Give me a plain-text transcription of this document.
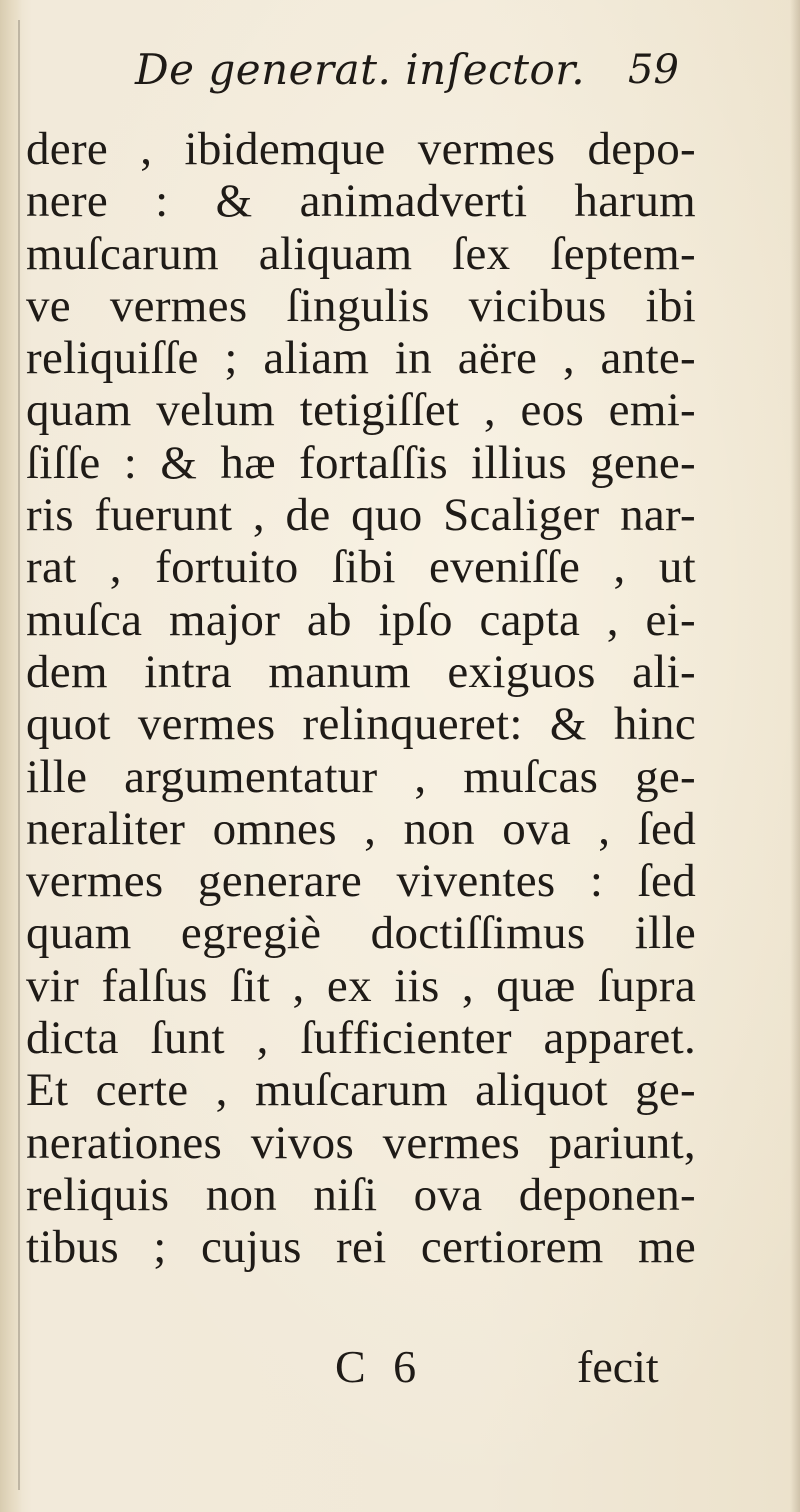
De generat. inſector. 59
dere , ibidemque vermes depo-
nere : & animadverti harum
muſcarum aliquam ſex ſeptem-
ve vermes ſingulis vicibus ibi
reliquiſſe ; aliam in aëre , ante-
quam velum tetigiſſet , eos emi-
ſiſſe : & hæ fortaſſis illius gene-
ris fuerunt , de quo Scaliger nar-
rat , fortuito ſibi eveniſſe , ut
muſca major ab ipſo capta , ei-
dem intra manum exiguos ali-
quot vermes relinqueret: & hinc
ille argumentatur , muſcas ge-
neraliter omnes , non ova , ſed
vermes generare viventes : ſed
quam egregiè doctiſſimus ille
vir falſus ſit , ex iis , quæ ſupra
dicta ſunt , ſufficienter apparet.
Et certe , muſcarum aliquot ge-
nerationes vivos vermes pariunt,
reliquis non niſi ova deponen-
tibus ; cujus rei certiorem me
C 6	fecit
